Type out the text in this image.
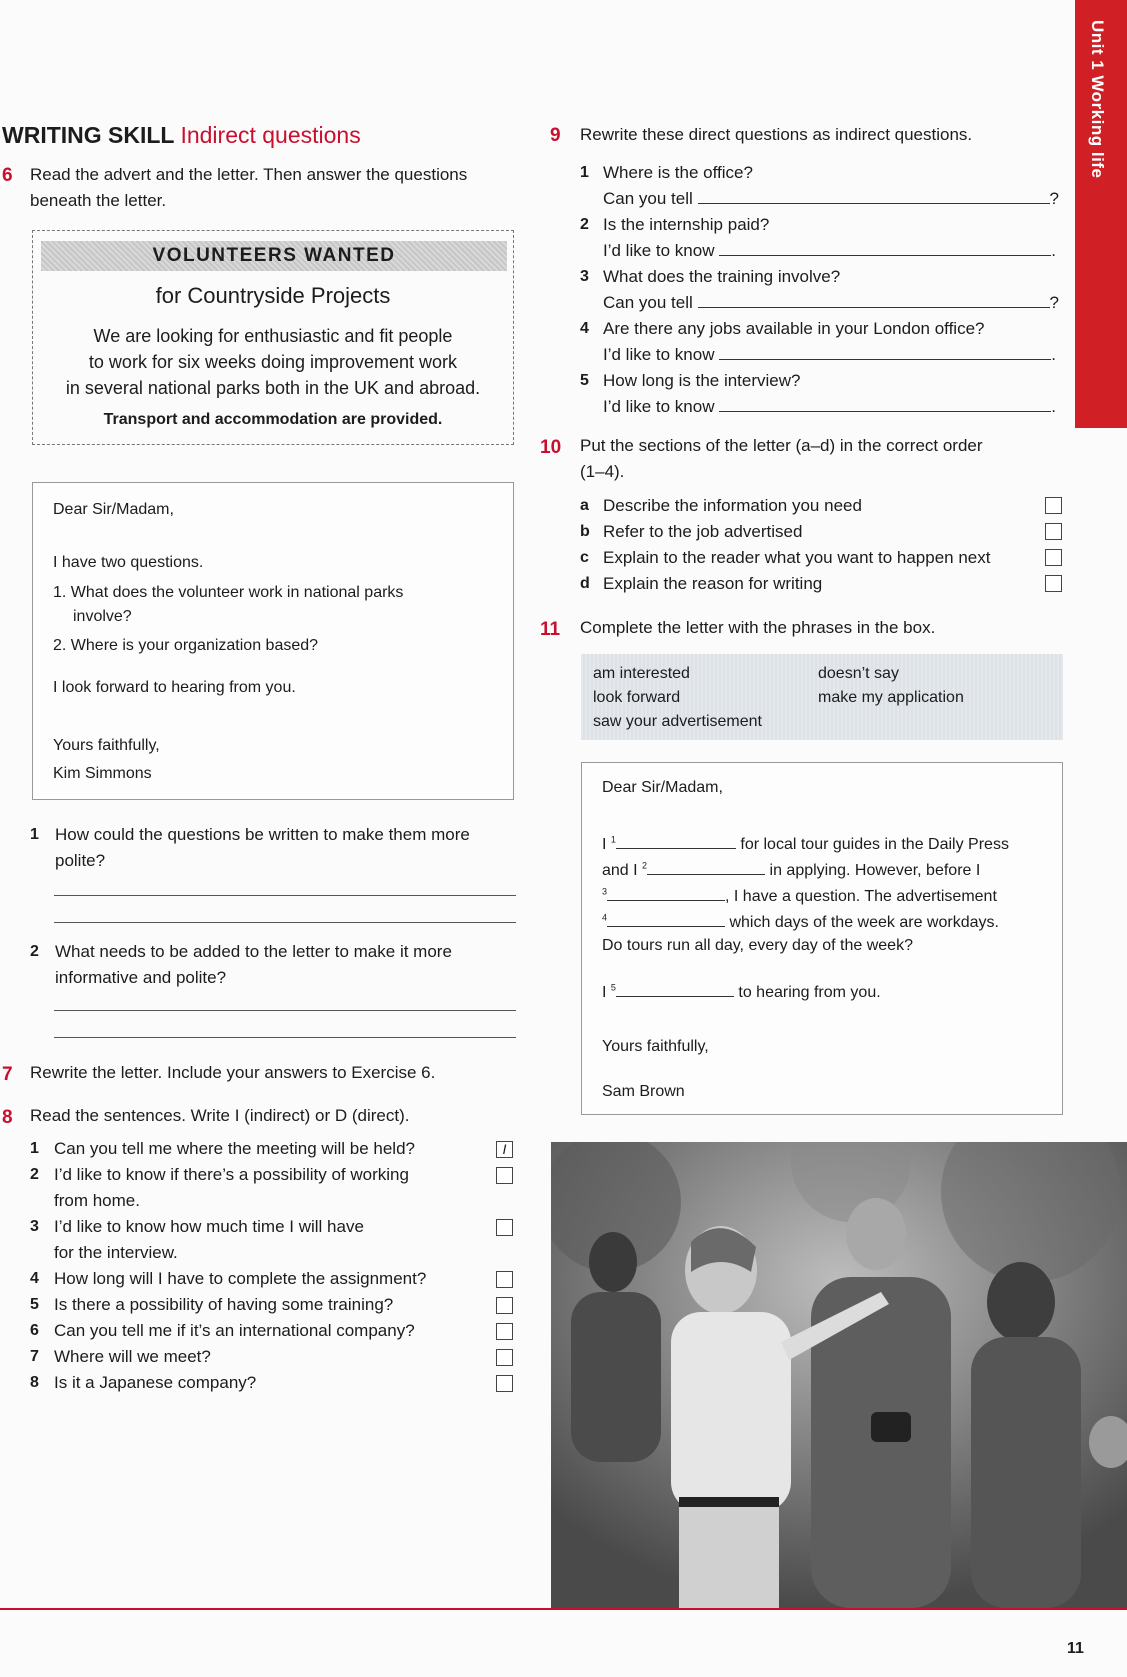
Unit 1 Working life
WRITING SKILL Indirect questions
6 Read the advert and the letter. Then answer the questions beneath the letter.
VOLUNTEERS WANTED
for Countryside Projects
We are looking for enthusiastic and fit people
to work for six weeks doing improvement work
in several national parks both in the UK and abroad.
Transport and accommodation are provided.
Dear Sir/Madam,
I have two questions.
1. What does the volunteer work in national parks
involve?
2. Where is your organization based?
I look forward to hearing from you.
Yours faithfully,
Kim Simmons
1 How could the questions be written to make them more
polite?
2 What needs to be added to the letter to make it more
informative and polite?
7 Rewrite the letter. Include your answers to Exercise 6.
8 Read the sentences. Write I (indirect) or D (direct).
1 Can you tell me where the meeting will be held?	I
2 I’d like to know if there’s a possibility of working
from home.
3 I’d like to know how much time I will have
for the interview.
4 How long will I have to complete the assignment?
5 Is there a possibility of having some training?
6 Can you tell me if it’s an international company?
7 Where will we meet?
8 Is it a Japanese company?
9 Rewrite these direct questions as indirect questions.
1 Where is the office?
Can you tell	?
2 Is the internship paid?
I’d like to know	.
3 What does the training involve?
Can you tell	?
4 Are there any jobs available in your London office?
I’d like to know	.
5 How long is the interview?
I’d like to know	.
10 Put the sections of the letter (a–d) in the correct order
(1–4).
a Describe the information you need
b Refer to the job advertised
c Explain to the reader what you want to happen next
d Explain the reason for writing
11 Complete the letter with the phrases in the box.
am interested
look forward
saw your advertisement
doesn’t say
make my application
Dear Sir/Madam,
I $^1$	for local tour guides in the Daily Press
and I $^2$	in applying. However, before I
$^3$	, I have a question. The advertisement
$^4$	which days of the week are workdays.
Do tours run all day, every day of the week?
I $^5$	to hearing from you.
Yours faithfully,
Sam Brown
11
